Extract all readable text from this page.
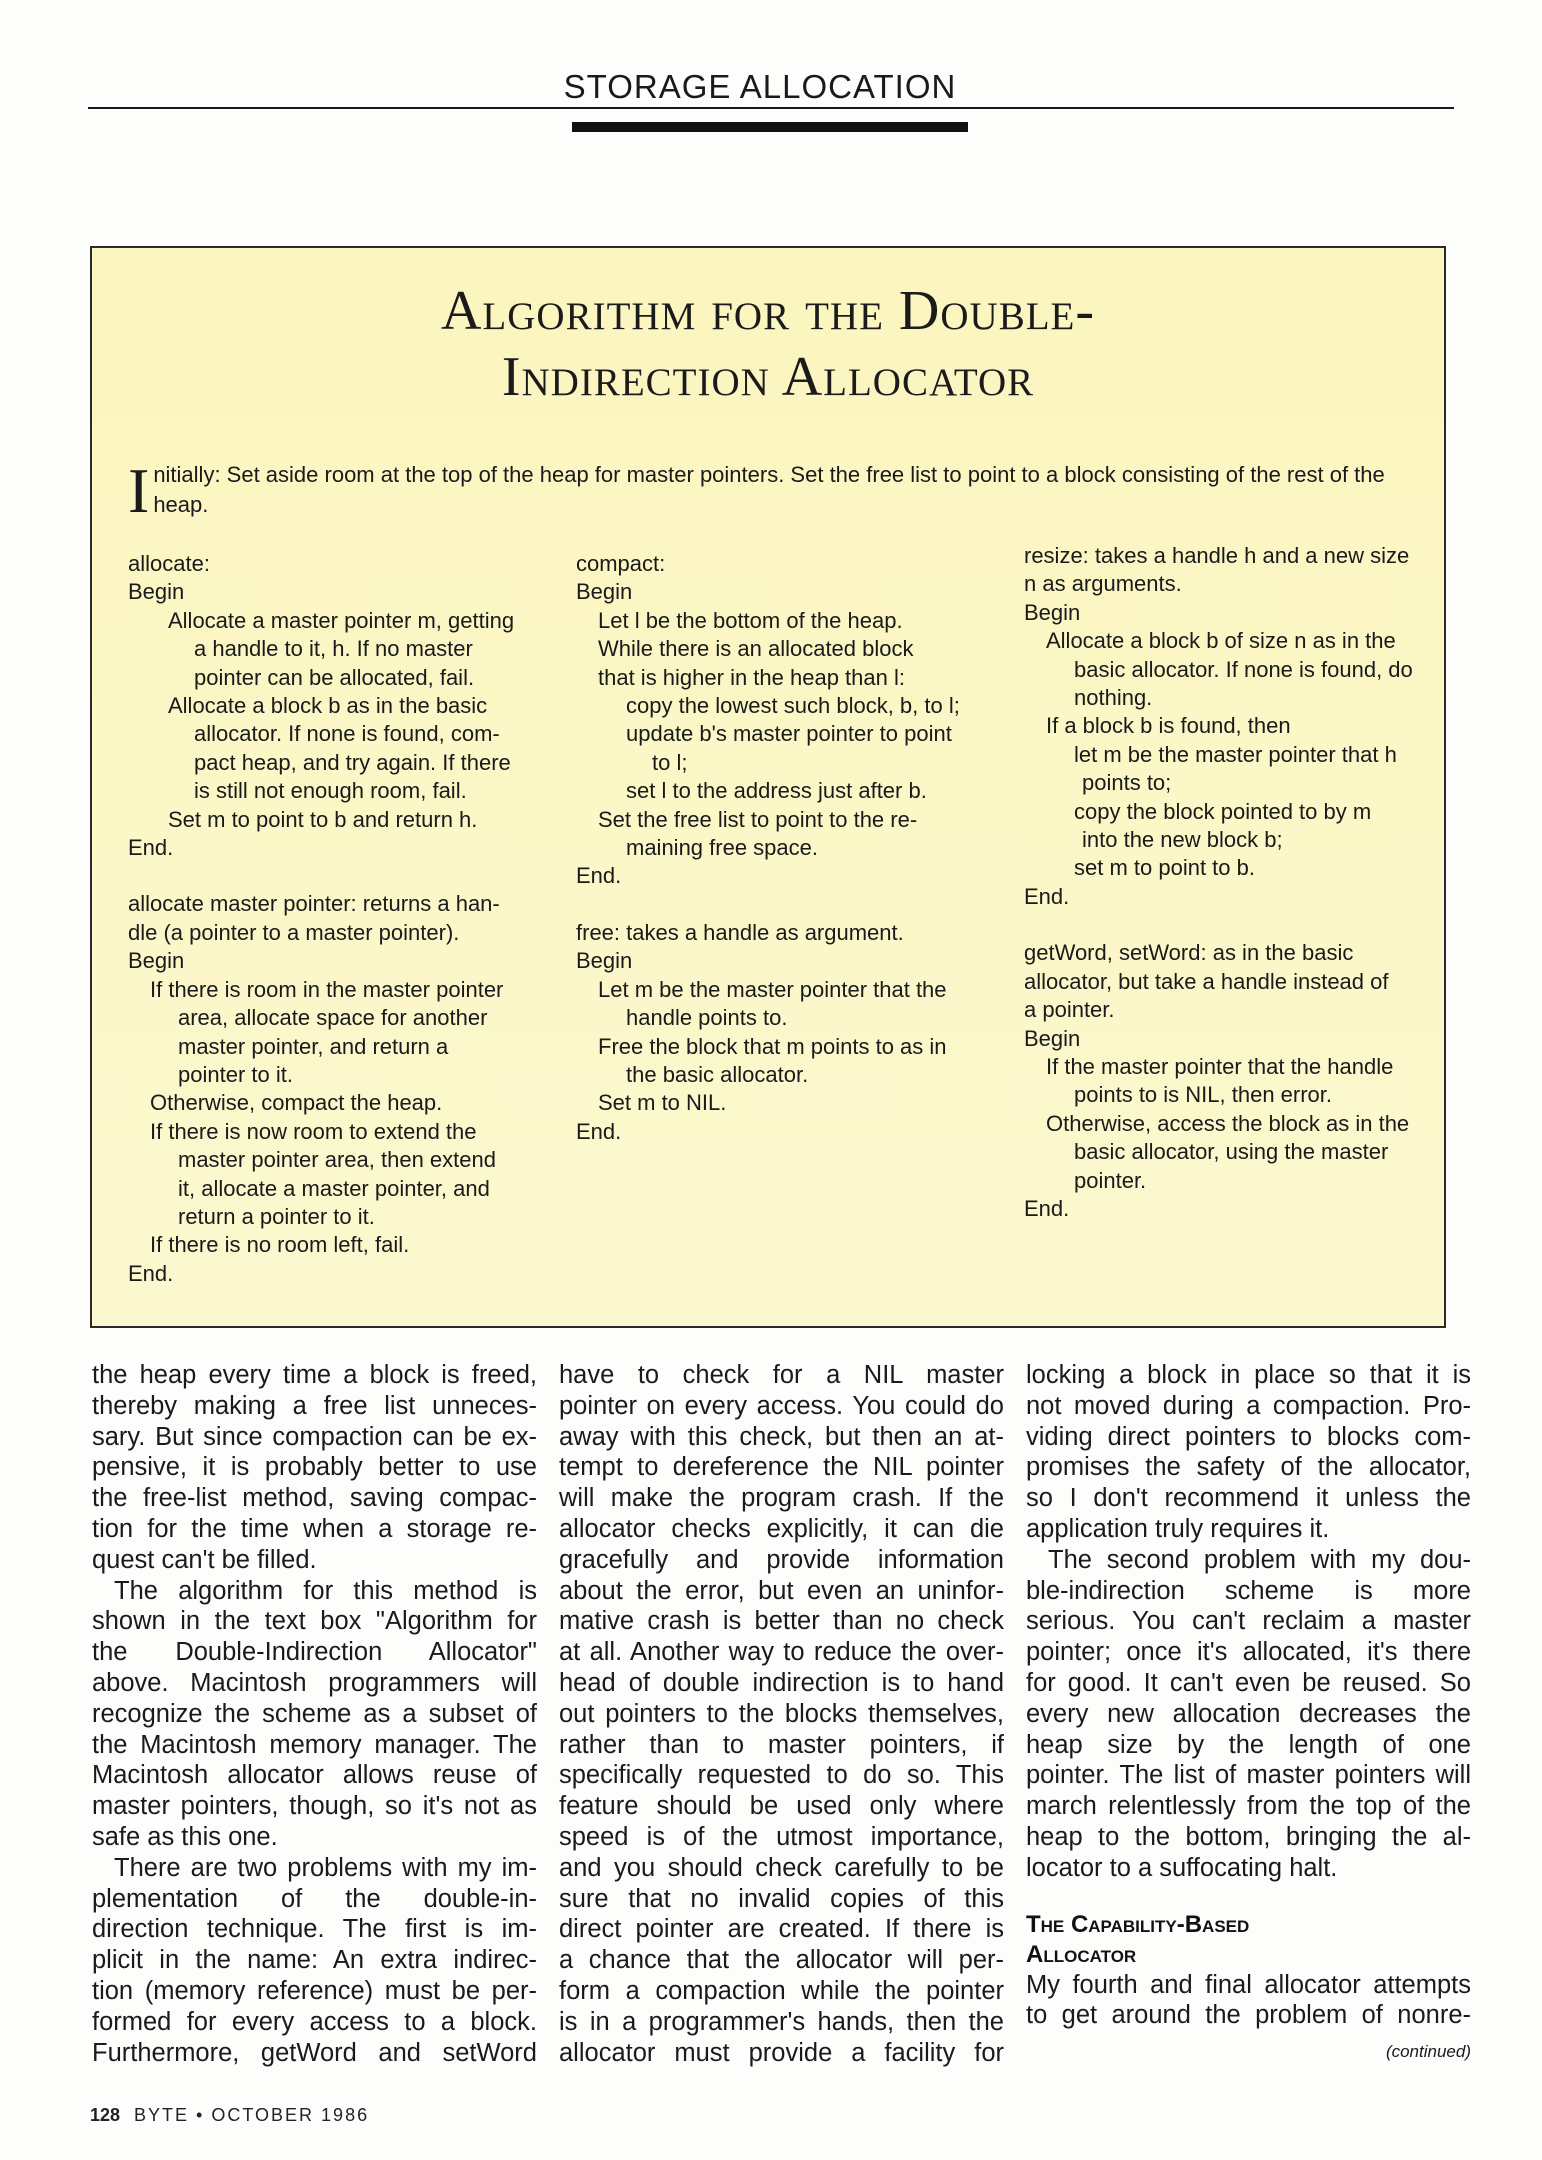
STORAGE ALLOCATION
Algorithm for the Double-
Indirection Allocator
Initially: Set aside room at the top of the heap for master pointers. Set the free list to point to a block consisting of the rest of the heap.
allocate:
Begin
Allocate a master pointer m, getting
a handle to it, h. If no master
pointer can be allocated, fail.
Allocate a block b as in the basic
allocator. If none is found, com-
pact heap, and try again. If there
is still not enough room, fail.
Set m to point to b and return h.
End.
allocate master pointer: returns a han-
dle (a pointer to a master pointer).
Begin
If there is room in the master pointer
area, allocate space for another
master pointer, and return a
pointer to it.
Otherwise, compact the heap.
If there is now room to extend the
master pointer area, then extend
it, allocate a master pointer, and
return a pointer to it.
If there is no room left, fail.
End.
compact:
Begin
Let l be the bottom of the heap.
While there is an allocated block
that is higher in the heap than l:
copy the lowest such block, b, to l;
update b's master pointer to point
to l;
set l to the address just after b.
Set the free list to point to the re-
maining free space.
End.
free: takes a handle as argument.
Begin
Let m be the master pointer that the
handle points to.
Free the block that m points to as in
the basic allocator.
Set m to NIL.
End.
resize: takes a handle h and a new size
n as arguments.
Begin
Allocate a block b of size n as in the
basic allocator. If none is found, do
nothing.
If a block b is found, then
let m be the master pointer that h
points to;
copy the block pointed to by m
into the new block b;
set m to point to b.
End.
getWord, setWord: as in the basic
allocator, but take a handle instead of
a pointer.
Begin
If the master pointer that the handle
points to is NIL, then error.
Otherwise, access the block as in the
basic allocator, using the master
pointer.
End.
the heap every time a block is freed,
thereby making a free list unneces-
sary. But since compaction can be ex-
pensive, it is probably better to use
the free-list method, saving compac-
tion for the time when a storage re-
quest can't be filled.
The algorithm for this method is
shown in the text box "Algorithm for
the Double-Indirection Allocator"
above. Macintosh programmers will
recognize the scheme as a subset of
the Macintosh memory manager. The
Macintosh allocator allows reuse of
master pointers, though, so it's not as
safe as this one.
There are two problems with my im-
plementation of the double-in-
direction technique. The first is im-
plicit in the name: An extra indirec-
tion (memory reference) must be per-
formed for every access to a block.
Furthermore, getWord and setWord
have to check for a NIL master
pointer on every access. You could do
away with this check, but then an at-
tempt to dereference the NIL pointer
will make the program crash. If the
allocator checks explicitly, it can die
gracefully and provide information
about the error, but even an uninfor-
mative crash is better than no check
at all. Another way to reduce the over-
head of double indirection is to hand
out pointers to the blocks themselves,
rather than to master pointers, if
specifically requested to do so. This
feature should be used only where
speed is of the utmost importance,
and you should check carefully to be
sure that no invalid copies of this
direct pointer are created. If there is
a chance that the allocator will per-
form a compaction while the pointer
is in a programmer's hands, then the
allocator must provide a facility for
locking a block in place so that it is
not moved during a compaction. Pro-
viding direct pointers to blocks com-
promises the safety of the allocator,
so I don't recommend it unless the
application truly requires it.
The second problem with my dou-
ble-indirection scheme is more
serious. You can't reclaim a master
pointer; once it's allocated, it's there
for good. It can't even be reused. So
every new allocation decreases the
heap size by the length of one
pointer. The list of master pointers will
march relentlessly from the top of the
heap to the bottom, bringing the al-
locator to a suffocating halt.
The Capability-Based
Allocator
My fourth and final allocator attempts
to get around the problem of nonre-
(continued)
128 BYTE • OCTOBER 1986
